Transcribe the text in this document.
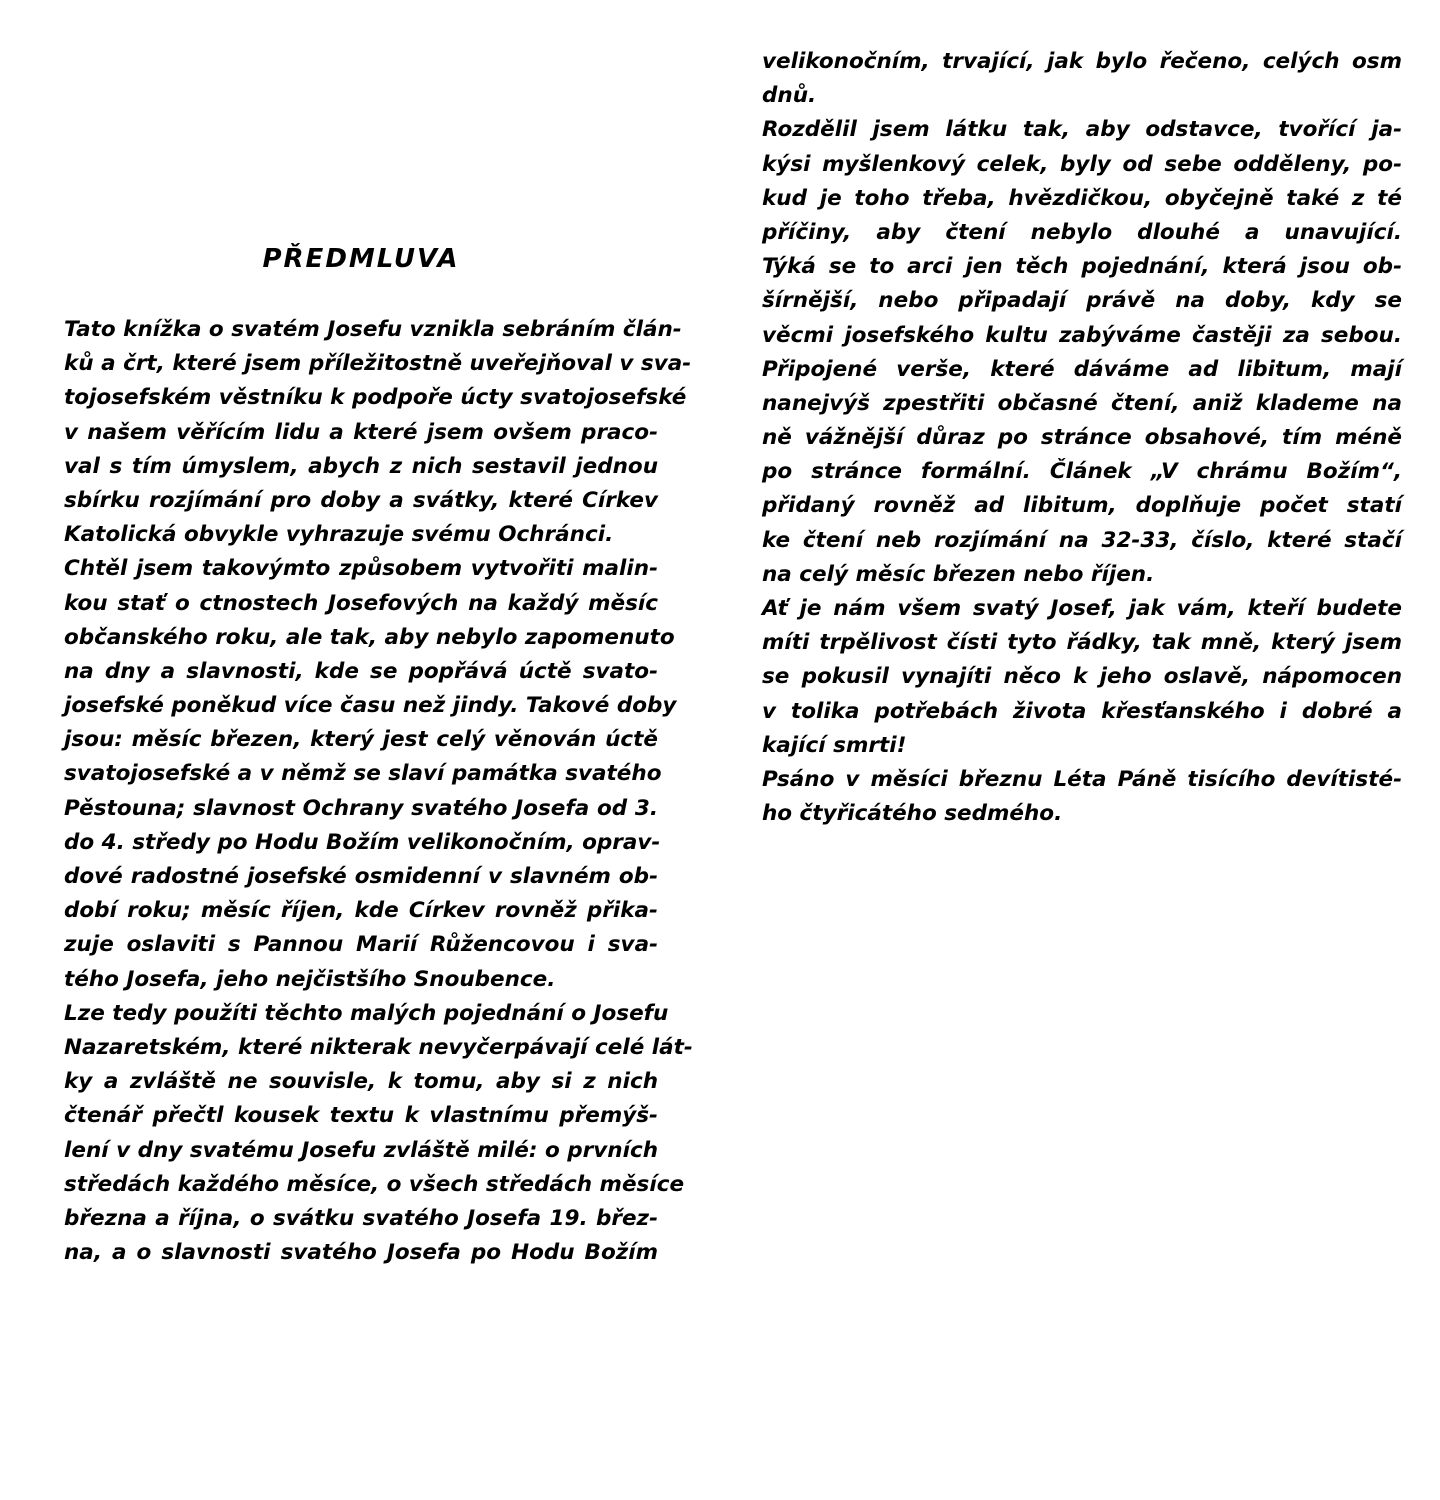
PŘEDMLUVA
Tato knížka o svatém Josefu vznikla sebráním člán-
ků a črt, které jsem příležitostně uveřejňoval v sva-
tojosefském věstníku k podpoře úcty svatojosefské
v našem věřícím lidu a které jsem ovšem praco-
val s tím úmyslem, abych z nich sestavil jednou
sbírku rozjímání pro doby a svátky, které Církev
Katolická obvykle vyhrazuje svému Ochránci.
Chtěl jsem takovýmto způsobem vytvořiti malin-
kou stať o ctnostech Josefových na každý měsíc
občanského roku, ale tak, aby nebylo zapomenuto
na dny a slavnosti, kde se popřává úctě svato-
josefské poněkud více času než jindy. Takové doby
jsou: měsíc březen, který jest celý věnován úctě
svatojosefské a v němž se slaví památka svatého
Pěstouna; slavnost Ochrany svatého Josefa od 3.
do 4. středy po Hodu Božím velikonočním, oprav-
dové radostné josefské osmidenní v slavném ob-
dobí roku; měsíc říjen, kde Církev rovněž přika-
zuje oslaviti s Pannou Marií Růžencovou i sva-
tého Josefa, jeho nejčistšího Snoubence.
Lze tedy použíti těchto malých pojednání o Josefu
Nazaretském, které nikterak nevyčerpávají celé lát-
ky a zvláště ne souvisle, k tomu, aby si z nich
čtenář přečtl kousek textu k vlastnímu přemýš-
lení v dny svatému Josefu zvláště milé: o prvních
středách každého měsíce, o všech středách měsíce
března a října, o svátku svatého Josefa 19. břez-
na, a o slavnosti svatého Josefa po Hodu Božím
velikonočním, trvající, jak bylo řečeno, celých osm
dnů.
Rozdělil jsem látku tak, aby odstavce, tvořící ja-
kýsi myšlenkový celek, byly od sebe odděleny, po-
kud je toho třeba, hvězdičkou, obyčejně také z té
příčiny, aby čtení nebylo dlouhé a unavující.
Týká se to arci jen těch pojednání, která jsou ob-
šírnější, nebo připadají právě na doby, kdy se
věcmi josefského kultu zabýváme častěji za sebou.
Připojené verše, které dáváme ad libitum, mají
nanejvýš zpestřiti občasné čtení, aniž klademe na
ně vážnější důraz po stránce obsahové, tím méně
po stránce formální. Článek „V chrámu Božím“,
přidaný rovněž ad libitum, doplňuje počet statí
ke čtení neb rozjímání na 32-33, číslo, které stačí
na celý měsíc březen nebo říjen.
Ať je nám všem svatý Josef, jak vám, kteří budete
míti trpělivost čísti tyto řádky, tak mně, který jsem
se pokusil vynajíti něco k jeho oslavě, nápomocen
v tolika potřebách života křesťanského i dobré a
kající smrti!
Psáno v měsíci březnu Léta Páně tisícího devítisté-
ho čtyřicátého sedmého.
